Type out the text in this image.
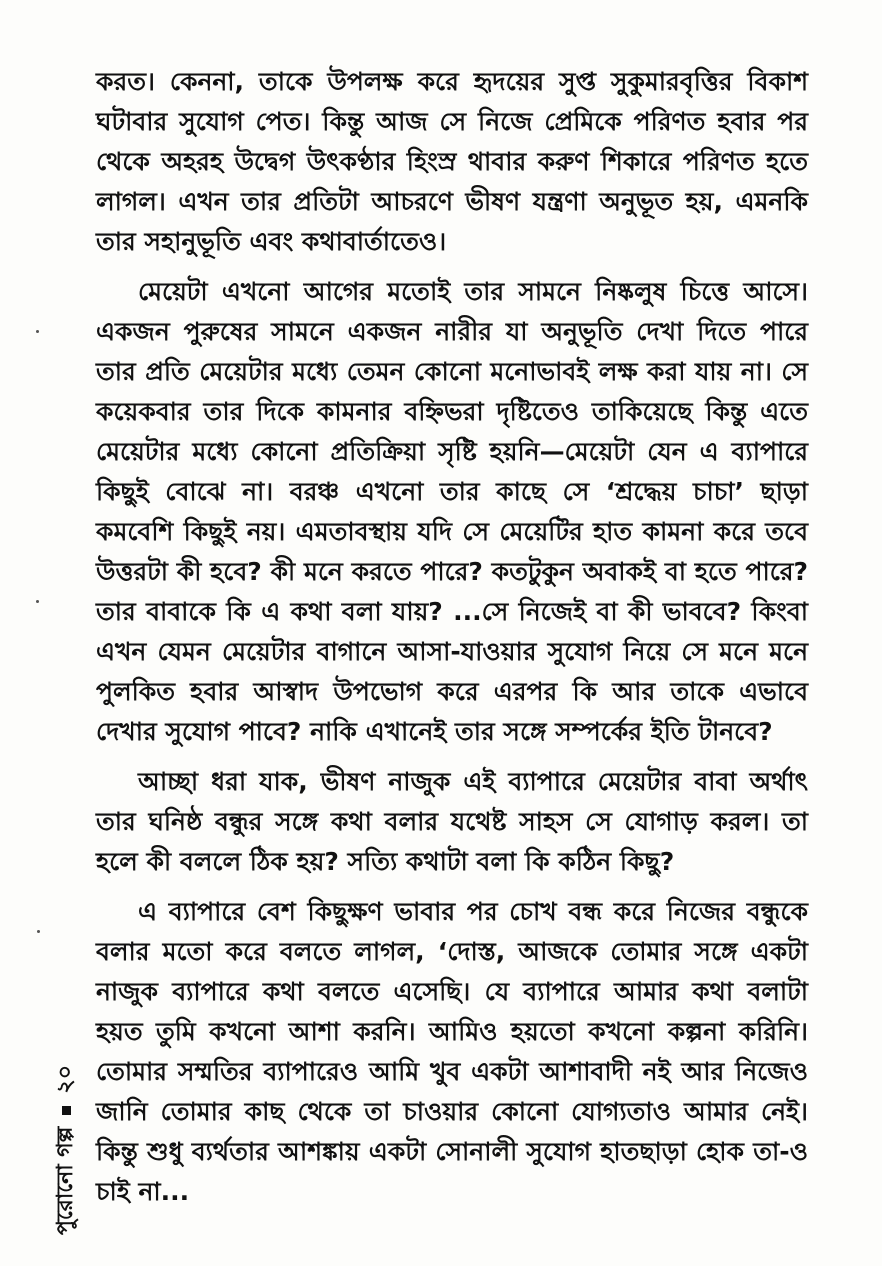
করত। কেননা, তাকে উপলক্ষ করে হৃদয়ের সুপ্ত সুকুমারবৃত্তির বিকাশ ঘটাবার সুযোগ পেত। কিন্তু আজ সে নিজে প্রেমিকে পরিণত হবার পর থেকে অহরহ উদ্বেগ উৎকণ্ঠার হিংস্র থাবার করুণ শিকারে পরিণত হতে লাগল। এখন তার প্রতিটা আচরণে ভীষণ যন্ত্রণা অনুভূত হয়, এমনকি তার সহানুভূতি এবং কথাবার্তাতেও।

মেয়েটা এখনো আগের মতোই তার সামনে নিষ্কলুষ চিত্তে আসে। একজন পুরুষের সামনে একজন নারীর যা অনুভূতি দেখা দিতে পারে তার প্রতি মেয়েটার মধ্যে তেমন কোনো মনোভাবই লক্ষ করা যায় না। সে কয়েকবার তার দিকে কামনার বহ্নিভরা দৃষ্টিতেও তাকিয়েছে কিন্তু এতে মেয়েটার মধ্যে কোনো প্রতিক্রিয়া সৃষ্টি হয়নি—মেয়েটা যেন এ ব্যাপারে কিছুই বোঝে না। বরঞ্চ এখনো তার কাছে সে ‘শ্রদ্ধেয় চাচা’ ছাড়া কমবেশি কিছুই নয়। এমতাবস্থায় যদি সে মেয়েটির হাত কামনা করে তবে উত্তরটা কী হবে? কী মনে করতে পারে? কতটুকুন অবাকই বা হতে পারে? তার বাবাকে কি এ কথা বলা যায়? ...সে নিজেই বা কী ভাববে? কিংবা এখন যেমন মেয়েটার বাগানে আসা-যাওয়ার সুযোগ নিয়ে সে মনে মনে পুলকিত হবার আস্বাদ উপভোগ করে এরপর কি আর তাকে এভাবে দেখার সুযোগ পাবে? নাকি এখানেই তার সঙ্গে সম্পর্কের ইতি টানবে?

আচ্ছা ধরা যাক, ভীষণ নাজুক এই ব্যাপারে মেয়েটার বাবা অর্থাৎ তার ঘনিষ্ঠ বন্ধুর সঙ্গে কথা বলার যথেষ্ট সাহস সে যোগাড় করল। তা হলে কী বললে ঠিক হয়? সত্যি কথাটা বলা কি কঠিন কিছু?

এ ব্যাপারে বেশ কিছুক্ষণ ভাবার পর চোখ বন্ধ করে নিজের বন্ধুকে বলার মতো করে বলতে লাগল, ‘দোস্ত, আজকে তোমার সঙ্গে একটা নাজুক ব্যাপারে কথা বলতে এসেছি। যে ব্যাপারে আমার কথা বলাটা হয়ত তুমি কখনো আশা করনি। আমিও হয়তো কখনো কল্পনা করিনি। তোমার সম্মতির ব্যাপারেও আমি খুব একটা আশাবাদী নই আর নিজেও জানি তোমার কাছ থেকে তা চাওয়ার কোনো যোগ্যতাও আমার নেই। কিন্তু শুধু ব্যর্থতার আশঙ্কায় একটা সোনালী সুযোগ হাতছাড়া হোক তা-ও চাই না...

পুরোনো গল্প
২০
